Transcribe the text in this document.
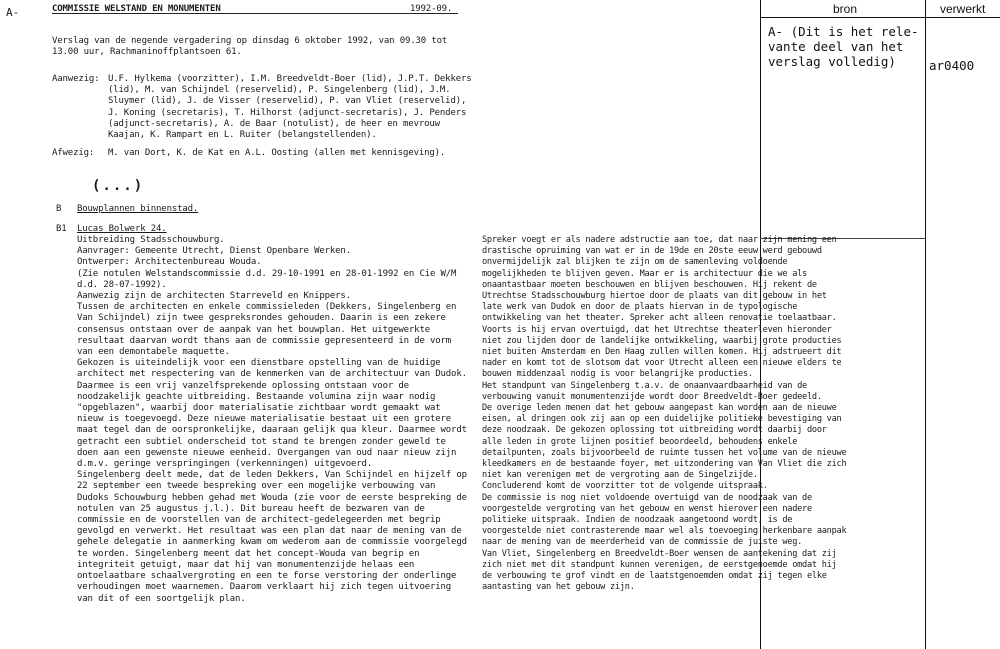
bron	verwerkt
A- (Dit is het rele-
vante deel van het
verslag volledig)	ar0400
A-	COMMISSIE WELSTAND EN MONUMENTEN	1992-09.
Verslag van de negende vergadering op dinsdag 6 oktober 1992, van 09.30 tot
13.00 uur, Rachmaninoffplantsoen 61.
Aanwezig: U.F. Hylkema (voorzitter), I.M. Breedveldt-Boer (lid), J.P.T. Dekkers
(lid), M. van Schijndel (reservelid), P. Singelenberg (lid), J.M.
Sluymer (lid), J. de Visser (reservelid), P. van Vliet (reservelid),
J. Koning (secretaris), T. Hilhorst (adjunct-secretaris), J. Penders
(adjunct-secretaris), A. de Baar (notulist), de heer en mevrouw
Kaajan, K. Rampart en L. Ruiter (belangstellenden).
Afwezig: M. van Dort, K. de Kat en A.L. Oosting (allen met kennisgeving).
(...)
B Bouwplannen binnenstad.
B1 Lucas Bolwerk 24.
Uitbreiding Stadsschouwburg.
Aanvrager: Gemeente Utrecht, Dienst Openbare Werken.
Ontwerper: Architectenbureau Wouda.
(Zie notulen Welstandscommissie d.d. 29-10-1991 en 28-01-1992 en Cie W/M
d.d. 28-07-1992).
Aanwezig zijn de architecten Starreveld en Knippers.
Tussen de architecten en enkele commissieleden (Dekkers, Singelenberg en
Van Schijndel) zijn twee gespreksrondes gehouden. Daarin is een zekere
consensus ontstaan over de aanpak van het bouwplan. Het uitgewerkte
resultaat daarvan wordt thans aan de commissie gepresenteerd in de vorm
van een demontabele maquette.
Gekozen is uiteindelijk voor een dienstbare opstelling van de huidige
architect met respectering van de kenmerken van de architectuur van Dudok.
Daarmee is een vrij vanzelfsprekende oplossing ontstaan voor de
noodzakelijk geachte uitbreiding. Bestaande volumina zijn waar nodig
"opgeblazen", waarbij door materialisatie zichtbaar wordt gemaakt wat
nieuw is toegevoegd. Deze nieuwe materialisatie bestaat uit een grotere
maat tegel dan de oorspronkelijke, daaraan gelijk qua kleur. Daarmee wordt
getracht een subtiel onderscheid tot stand te brengen zonder geweld te
doen aan een gewenste nieuwe eenheid. Overgangen van oud naar nieuw zijn
d.m.v. geringe verspringingen (verkenningen) uitgevoerd.
Singelenberg deelt mede, dat de leden Dekkers, Van Schijndel en hijzelf op
22 september een tweede bespreking over een mogelijke verbouwing van
Dudoks Schouwburg hebben gehad met Wouda (zie voor de eerste bespreking de
notulen van 25 augustus j.l.). Dit bureau heeft de bezwaren van de
commissie en de voorstellen van de architect-gedelegeerden met begrip
gevolgd en verwerkt. Het resultaat was een plan dat naar de mening van de
gehele delegatie in aanmerking kwam om wederom aan de commissie voorgelegd
te worden. Singelenberg meent dat het concept-Wouda van begrip en
integriteit getuigt, maar dat hij van monumentenzijde helaas een
ontoelaatbare schaalvergroting en een te forse verstoring der onderlinge
verhoudingen moet waarnemen. Daarom verklaart hij zich tegen uitvoering
van dit of een soortgelijk plan.
Spreker voegt er als nadere adstructie aan toe, dat naar zijn mening een
drastische opruiming van wat er in de 19de en 20ste eeuw werd gebouwd
onvermijdelijk zal blijken te zijn om de samenleving voldoende
mogelijkheden te blijven geven. Maar er is architectuur die we als
onaantastbaar moeten beschouwen en blijven beschouwen. Hij rekent de
Utrechtse Stadsschouwburg hiertoe door de plaats van dit gebouw in het
late werk van Dudok en door de plaats hiervan in de typologische
ontwikkeling van het theater. Spreker acht alleen renovatie toelaatbaar.
Voorts is hij ervan overtuigd, dat het Utrechtse theaterleven hieronder
niet zou lijden door de landelijke ontwikkeling, waarbij grote producties
niet buiten Amsterdam en Den Haag zullen willen komen. Hij adstrueert dit
nader en komt tot de slotsom dat voor Utrecht alleen een nieuwe elders te
bouwen middenzaal nodig is voor belangrijke producties.
Het standpunt van Singelenberg t.a.v. de onaanvaardbaarheid van de
verbouwing vanuit monumentenzijde wordt door Breedveldt-Boer gedeeld.
De overige leden menen dat het gebouw aangepast kan worden aan de nieuwe
eisen, al dringen ook zij aan op een duidelijke politieke bevestiging van
deze noodzaak. De gekozen oplossing tot uitbreiding wordt daarbij door
alle leden in grote lijnen positief beoordeeld, behoudens enkele
detailpunten, zoals bijvoorbeeld de ruimte tussen het volume van de nieuwe
kleedkamers en de bestaande foyer, met uitzondering van Van Vliet die zich
niet kan verenigen met de vergroting aan de Singelzijde.
Concluderend komt de voorzitter tot de volgende uitspraak.
De commissie is nog niet voldoende overtuigd van de noodzaak van de
voorgestelde vergroting van het gebouw en wenst hierover een nadere
politieke uitspraak. Indien de noodzaak aangetoond wordt, is de
voorgestelde niet contrasterende maar wel als toevoeging herkenbare aanpak
naar de mening van de meerderheid van de commissie de juiste weg.
Van Vliet, Singelenberg en Breedveldt-Boer wensen de aantekening dat zij
zich niet met dit standpunt kunnen verenigen, de eerstgenoemde omdat hij
de verbouwing te grof vindt en de laatstgenoemden omdat zij tegen elke
aantasting van het gebouw zijn.
